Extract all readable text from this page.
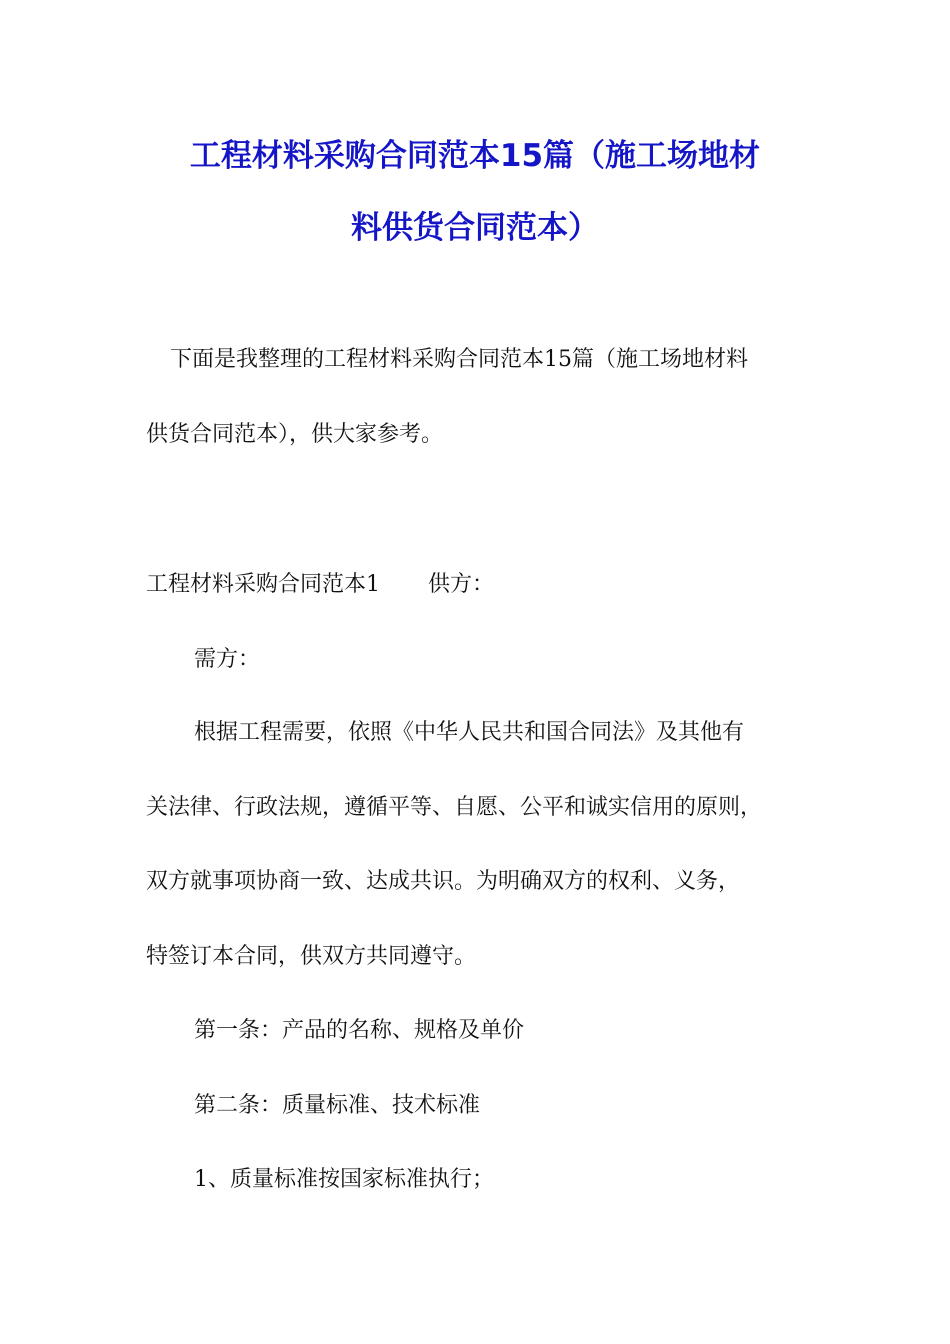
工程材料采购合同范本15篇（施工场地材
料供货合同范本）

下面是我整理的工程材料采购合同范本15篇（施工场地材料

供货合同范本），供大家参考。

工程材料采购合同范本1 供方：

需方：

根据工程需要，依照《中华人民共和国合同法》及其他有

关法律、行政法规，遵循平等、自愿、公平和诚实信用的原则，

双方就事项协商一致、达成共识。为明确双方的权利、义务，

特签订本合同，供双方共同遵守。

第一条：产品的名称、规格及单价

第二条：质量标准、技术标准

1、质量标准按国家标准执行；
